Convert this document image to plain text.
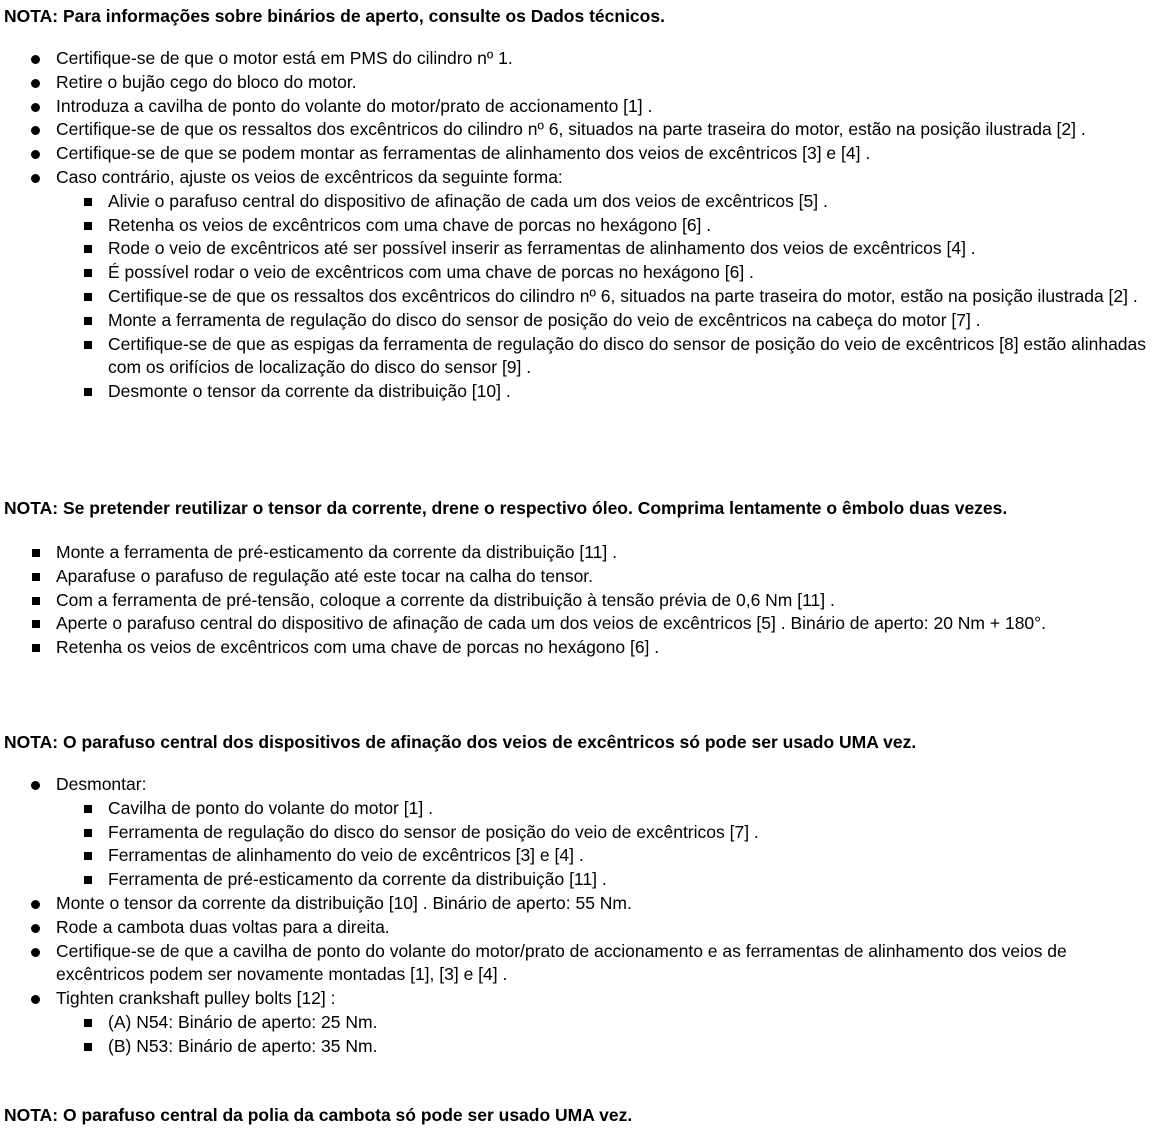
NOTA: Para informações sobre binários de aperto, consulte os Dados técnicos.
Certifique-se de que o motor está em PMS do cilindro nº 1.
Retire o bujão cego do bloco do motor.
Introduza a cavilha de ponto do volante do motor/prato de accionamento [1] .
Certifique-se de que os ressaltos dos excêntricos do cilindro nº 6, situados na parte traseira do motor, estão na posição ilustrada [2] .
Certifique-se de que se podem montar as ferramentas de alinhamento dos veios de excêntricos [3] e [4] .
Caso contrário, ajuste os veios de excêntricos da seguinte forma:
Alivie o parafuso central do dispositivo de afinação de cada um dos veios de excêntricos [5] .
Retenha os veios de excêntricos com uma chave de porcas no hexágono [6] .
Rode o veio de excêntricos até ser possível inserir as ferramentas de alinhamento dos veios de excêntricos [4] .
É possível rodar o veio de excêntricos com uma chave de porcas no hexágono [6] .
Certifique-se de que os ressaltos dos excêntricos do cilindro nº 6, situados na parte traseira do motor, estão na posição ilustrada [2] .
Monte a ferramenta de regulação do disco do sensor de posição do veio de excêntricos na cabeça do motor [7] .
Certifique-se de que as espigas da ferramenta de regulação do disco do sensor de posição do veio de excêntricos [8] estão alinhadas com os orifícios de localização do disco do sensor [9] .
Desmonte o tensor da corrente da distribuição [10] .
NOTA: Se pretender reutilizar o tensor da corrente, drene o respectivo óleo. Comprima lentamente o êmbolo duas vezes.
Monte a ferramenta de pré-esticamento da corrente da distribuição [11] .
Aparafuse o parafuso de regulação até este tocar na calha do tensor.
Com a ferramenta de pré-tensão, coloque a corrente da distribuição à tensão prévia de 0,6 Nm [11] .
Aperte o parafuso central do dispositivo de afinação de cada um dos veios de excêntricos [5] . Binário de aperto: 20 Nm + 180°.
Retenha os veios de excêntricos com uma chave de porcas no hexágono [6] .
NOTA: O parafuso central dos dispositivos de afinação dos veios de excêntricos só pode ser usado UMA vez.
Desmontar:
Cavilha de ponto do volante do motor [1] .
Ferramenta de regulação do disco do sensor de posição do veio de excêntricos [7] .
Ferramentas de alinhamento do veio de excêntricos [3] e [4] .
Ferramenta de pré-esticamento da corrente da distribuição [11] .
Monte o tensor da corrente da distribuição [10] . Binário de aperto: 55 Nm.
Rode a cambota duas voltas para a direita.
Certifique-se de que a cavilha de ponto do volante do motor/prato de accionamento e as ferramentas de alinhamento dos veios de excêntricos podem ser novamente montadas [1], [3] e [4] .
Tighten crankshaft pulley bolts [12] :
(A) N54: Binário de aperto: 25 Nm.
(B) N53: Binário de aperto: 35 Nm.
NOTA: O parafuso central da polia da cambota só pode ser usado UMA vez.
